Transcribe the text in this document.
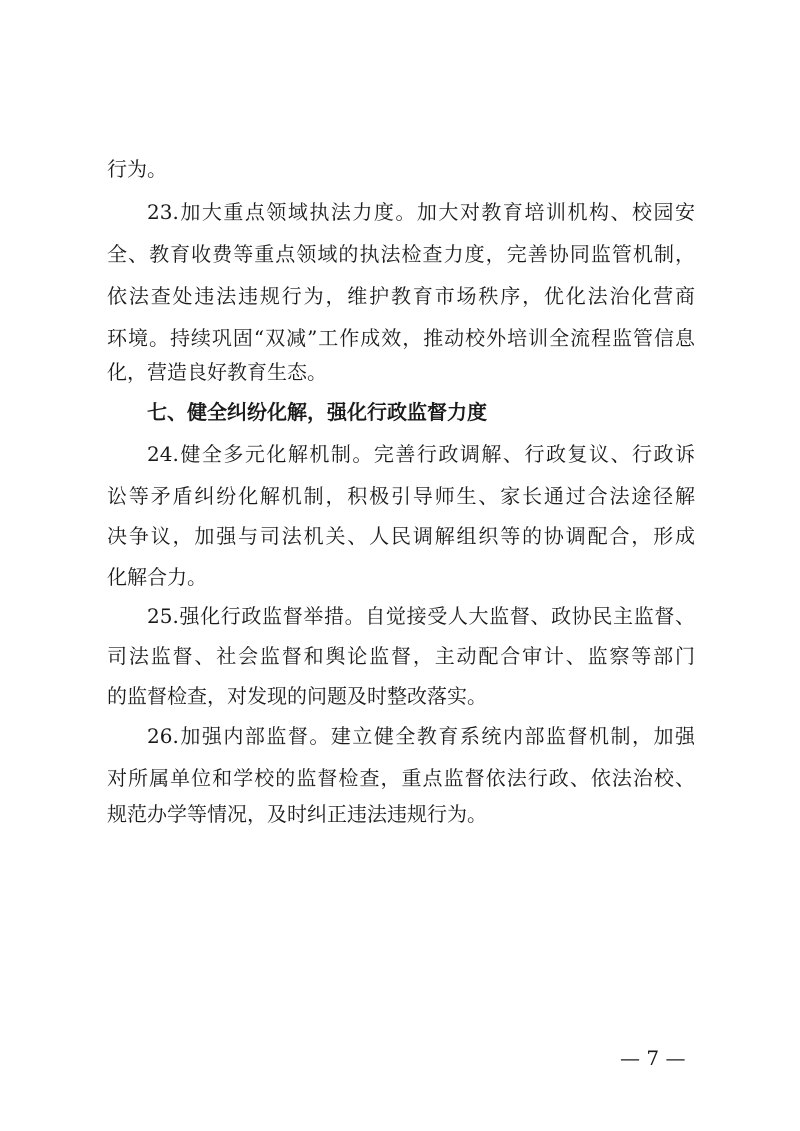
行为。
23.加大重点领域执法力度。加大对教育培训机构、校园安
全、教育收费等重点领域的执法检查力度，完善协同监管机制，
依法查处违法违规行为，维护教育市场秩序，优化法治化营商
环境。持续巩固“双减”工作成效，推动校外培训全流程监管信息
化，营造良好教育生态。
七、健全纠纷化解，强化行政监督力度
24.健全多元化解机制。完善行政调解、行政复议、行政诉
讼等矛盾纠纷化解机制，积极引导师生、家长通过合法途径解
决争议，加强与司法机关、人民调解组织等的协调配合，形成
化解合力。
25.强化行政监督举措。自觉接受人大监督、政协民主监督、
司法监督、社会监督和舆论监督，主动配合审计、监察等部门
的监督检查，对发现的问题及时整改落实。
26.加强内部监督。建立健全教育系统内部监督机制，加强
对所属单位和学校的监督检查，重点监督依法行政、依法治校、
规范办学等情况，及时纠正违法违规行为。
— 7 —
